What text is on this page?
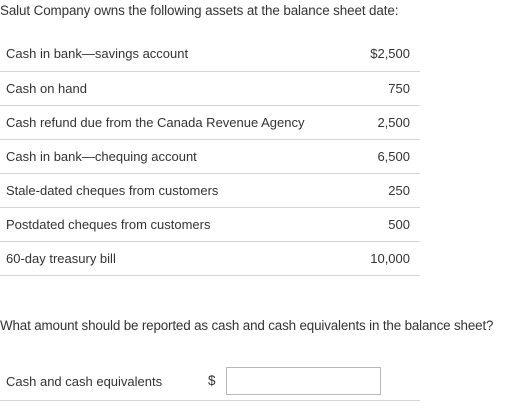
Salut Company owns the following assets at the balance sheet date:
Cash in bank—savings account	$2,500
Cash on hand	750
Cash refund due from the Canada Revenue Agency	2,500
Cash in bank—chequing account	6,500
Stale-dated cheques from customers	250
Postdated cheques from customers	500
60-day treasury bill	10,000
What amount should be reported as cash and cash equivalents in the balance sheet?
Cash and cash equivalents	$
